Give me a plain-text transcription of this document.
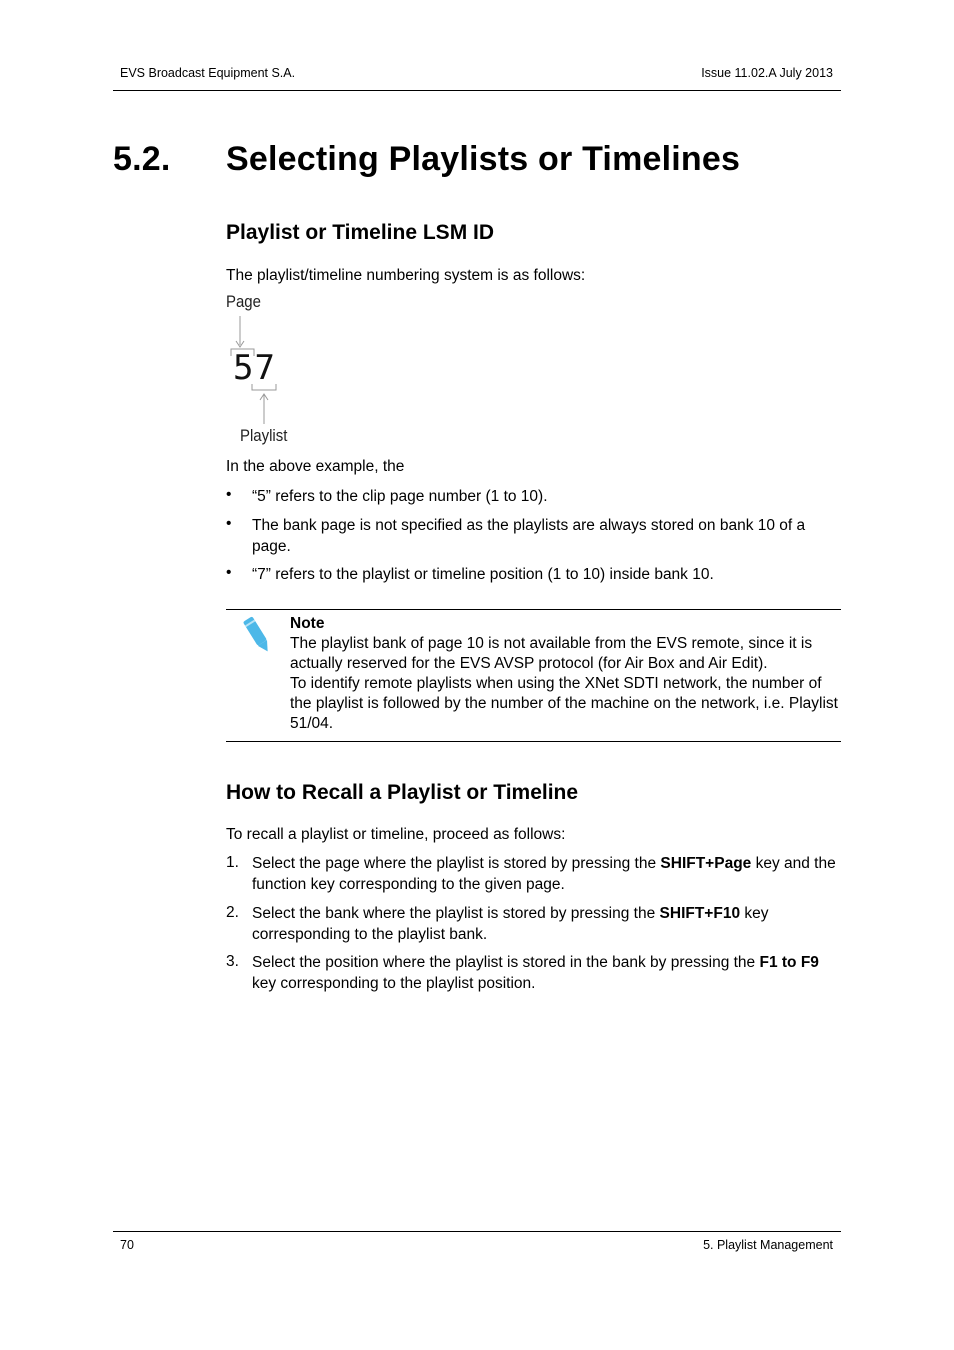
EVS Broadcast Equipment S.A.	Issue 11.02.A July 2013
5.2. Selecting Playlists or Timelines
Playlist or Timeline LSM ID
The playlist/timeline numbering system is as follows:
Page
57
Playlist
In the above example, the
• “5” refers to the clip page number (1 to 10).
• The bank page is not specified as the playlists are always stored on bank 10 of a page.
• “7” refers to the playlist or timeline position (1 to 10) inside bank 10.
Note
The playlist bank of page 10 is not available from the EVS remote, since it is actually reserved for the EVS AVSP protocol (for Air Box and Air Edit).
To identify remote playlists when using the XNet SDTI network, the number of the playlist is followed by the number of the machine on the network, i.e. Playlist 51/04.
How to Recall a Playlist or Timeline
To recall a playlist or timeline, proceed as follows:
1. Select the page where the playlist is stored by pressing the SHIFT+Page key and the function key corresponding to the given page.
2. Select the bank where the playlist is stored by pressing the SHIFT+F10 key corresponding to the playlist bank.
3. Select the position where the playlist is stored in the bank by pressing the F1 to F9 key corresponding to the playlist position.
70	5. Playlist Management
